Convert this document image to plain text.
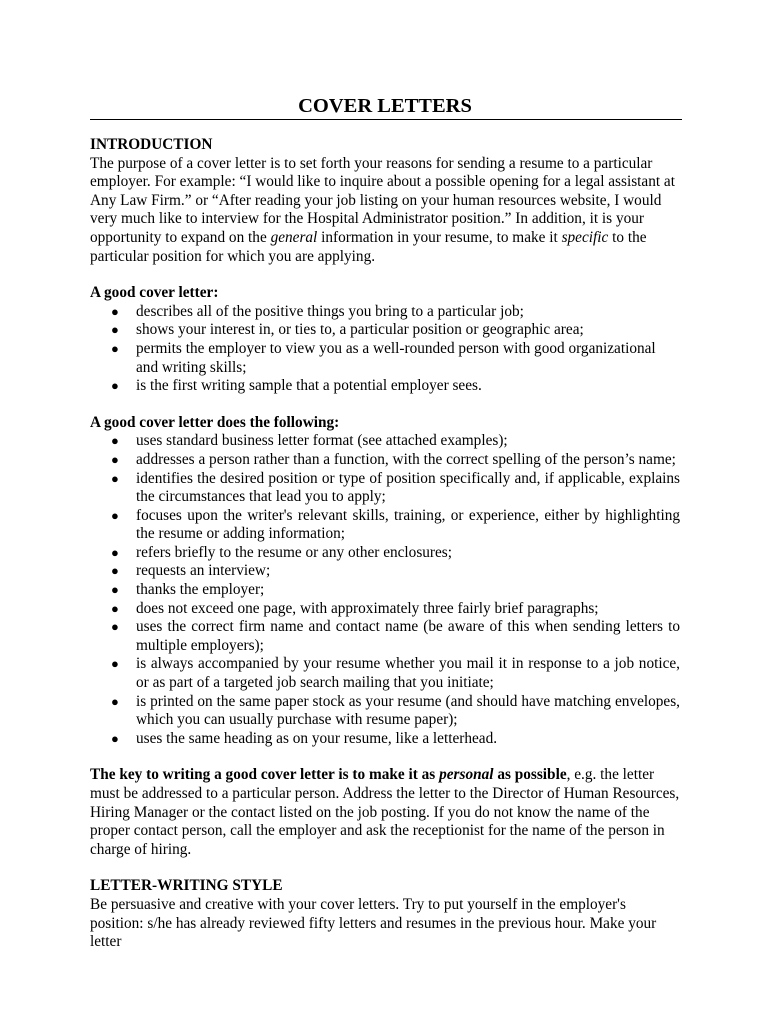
COVER LETTERS

INTRODUCTION

The purpose of a cover letter is to set forth your reasons for sending a resume to a particular employer. For example: “I would like to inquire about a possible opening for a legal assistant at Any Law Firm.” or “After reading your job listing on your human resources website, I would very much like to interview for the Hospital Administrator position.” In addition, it is your opportunity to expand on the general information in your resume, to make it specific to the particular position for which you are applying.

A good cover letter:

● describes all of the positive things you bring to a particular job;
● shows your interest in, or ties to, a particular position or geographic area;
● permits the employer to view you as a well-rounded person with good organizational and writing skills;
● is the first writing sample that a potential employer sees.

A good cover letter does the following:

● uses standard business letter format (see attached examples);
● addresses a person rather than a function, with the correct spelling of the person’s name;
● identifies the desired position or type of position specifically and, if applicable, explains the circumstances that lead you to apply;
● focuses upon the writer's relevant skills, training, or experience, either by highlighting the resume or adding information;
● refers briefly to the resume or any other enclosures;
● requests an interview;
● thanks the employer;
● does not exceed one page, with approximately three fairly brief paragraphs;
● uses the correct firm name and contact name (be aware of this when sending letters to multiple employers);
● is always accompanied by your resume whether you mail it in response to a job notice, or as part of a targeted job search mailing that you initiate;
● is printed on the same paper stock as your resume (and should have matching envelopes, which you can usually purchase with resume paper);
● uses the same heading as on your resume, like a letterhead.

The key to writing a good cover letter is to make it as personal as possible, e.g. the letter must be addressed to a particular person. Address the letter to the Director of Human Resources, Hiring Manager or the contact listed on the job posting. If you do not know the name of the proper contact person, call the employer and ask the receptionist for the name of the person in charge of hiring.

LETTER-WRITING STYLE

Be persuasive and creative with your cover letters. Try to put yourself in the employer's position: s/he has already reviewed fifty letters and resumes in the previous hour. Make your letter
